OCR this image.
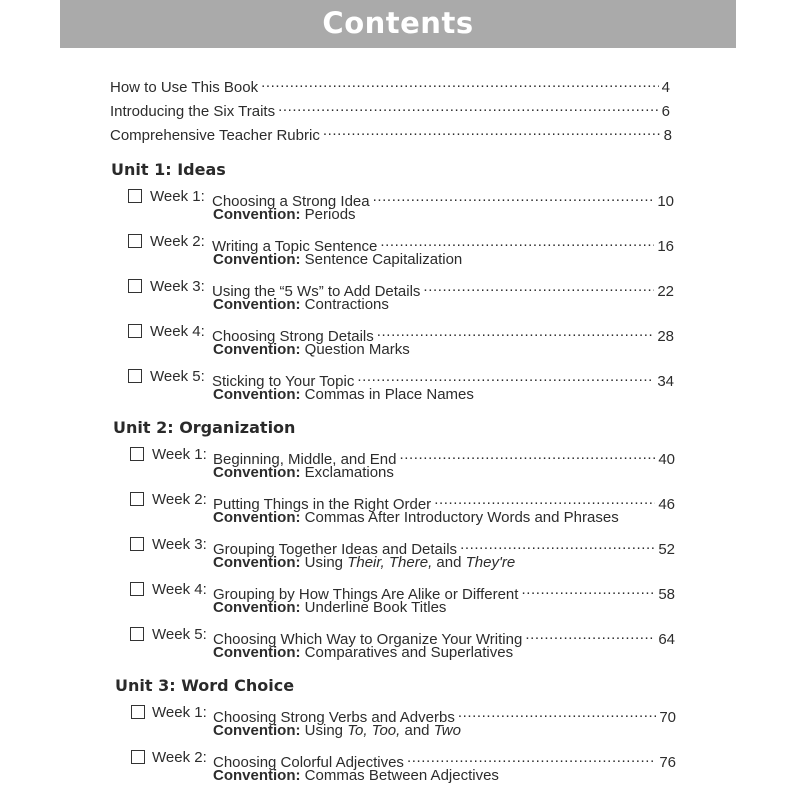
Contents
How to Use This Book .....	4
Introducing the Six Traits .....	6
Comprehensive Teacher Rubric .....	8
Unit 1: Ideas
Week 1: Choosing a Strong Idea .....	10
Convention: Periods
Week 2: Writing a Topic Sentence .....	16
Convention: Sentence Capitalization
Week 3: Using the “5 Ws” to Add Details .....	22
Convention: Contractions
Week 4: Choosing Strong Details .....	28
Convention: Question Marks
Week 5: Sticking to Your Topic .....	34
Convention: Commas in Place Names
Unit 2: Organization
Week 1: Beginning, Middle, and End .....	40
Convention: Exclamations
Week 2: Putting Things in the Right Order .....	46
Convention: Commas After Introductory Words and Phrases
Week 3: Grouping Together Ideas and Details .....	52
Convention: Using Their, There, and They're
Week 4: Grouping by How Things Are Alike or Different .....	58
Convention: Underline Book Titles
Week 5: Choosing Which Way to Organize Your Writing .....	64
Convention: Comparatives and Superlatives
Unit 3: Word Choice
Week 1: Choosing Strong Verbs and Adverbs .....	70
Convention: Using To, Too, and Two
Week 2: Choosing Colorful Adjectives .....	76
Convention: Commas Between Adjectives
